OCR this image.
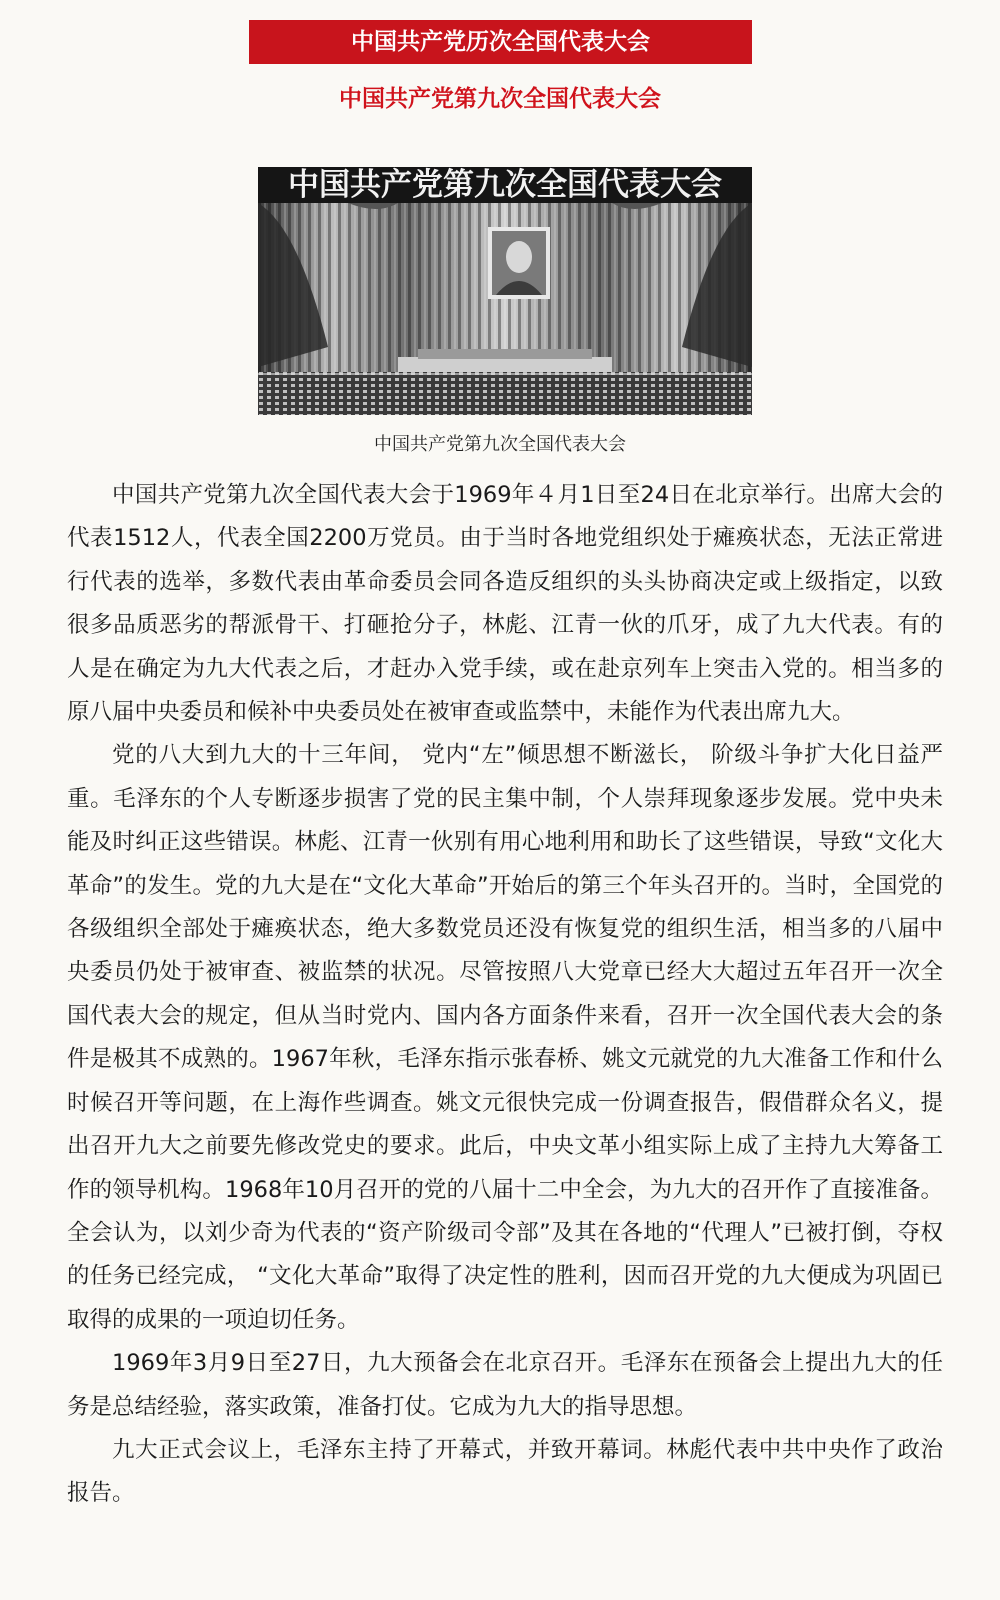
中国共产党历次全国代表大会
中国共产党第九次全国代表大会
中国共产党第九次全国代表大会
中国共产党第九次全国代表大会

中国共产党第九次全国代表大会于1969年４月1日至24日在北京举行。出席大会的代表1512人，代表全国2200万党员。由于当时各地党组织处于瘫痪状态，无法正常进行代表的选举，多数代表由革命委员会同各造反组织的头头协商决定或上级指定，以致很多品质恶劣的帮派骨干、打砸抢分子，林彪、江青一伙的爪牙，成了九大代表。有的人是在确定为九大代表之后，才赶办入党手续，或在赴京列车上突击入党的。相当多的原八届中央委员和候补中央委员处在被审查或监禁中，未能作为代表出席九大。

党的八大到九大的十三年间， 党内“左”倾思想不断滋长， 阶级斗争扩大化日益严重。毛泽东的个人专断逐步损害了党的民主集中制，个人崇拜现象逐步发展。党中央未能及时纠正这些错误。林彪、江青一伙别有用心地利用和助长了这些错误，导致“文化大革命”的发生。党的九大是在“文化大革命”开始后的第三个年头召开的。当时，全国党的各级组织全部处于瘫痪状态，绝大多数党员还没有恢复党的组织生活，相当多的八届中央委员仍处于被审查、被监禁的状况。尽管按照八大党章已经大大超过五年召开一次全国代表大会的规定，但从当时党内、国内各方面条件来看，召开一次全国代表大会的条件是极其不成熟的。1967年秋，毛泽东指示张春桥、姚文元就党的九大准备工作和什么时候召开等问题，在上海作些调查。姚文元很快完成一份调查报告，假借群众名义，提出召开九大之前要先修改党史的要求。此后，中央文革小组实际上成了主持九大筹备工作的领导机构。1968年10月召开的党的八届十二中全会，为九大的召开作了直接准备。全会认为，以刘少奇为代表的“资产阶级司令部”及其在各地的“代理人”已被打倒，夺权的任务已经完成， “文化大革命”取得了决定性的胜利，因而召开党的九大便成为巩固已取得的成果的一项迫切任务。

1969年3月9日至27日，九大预备会在北京召开。毛泽东在预备会上提出九大的任务是总结经验，落实政策，准备打仗。它成为九大的指导思想。

九大正式会议上，毛泽东主持了开幕式，并致开幕词。林彪代表中共中央作了政治报告。
